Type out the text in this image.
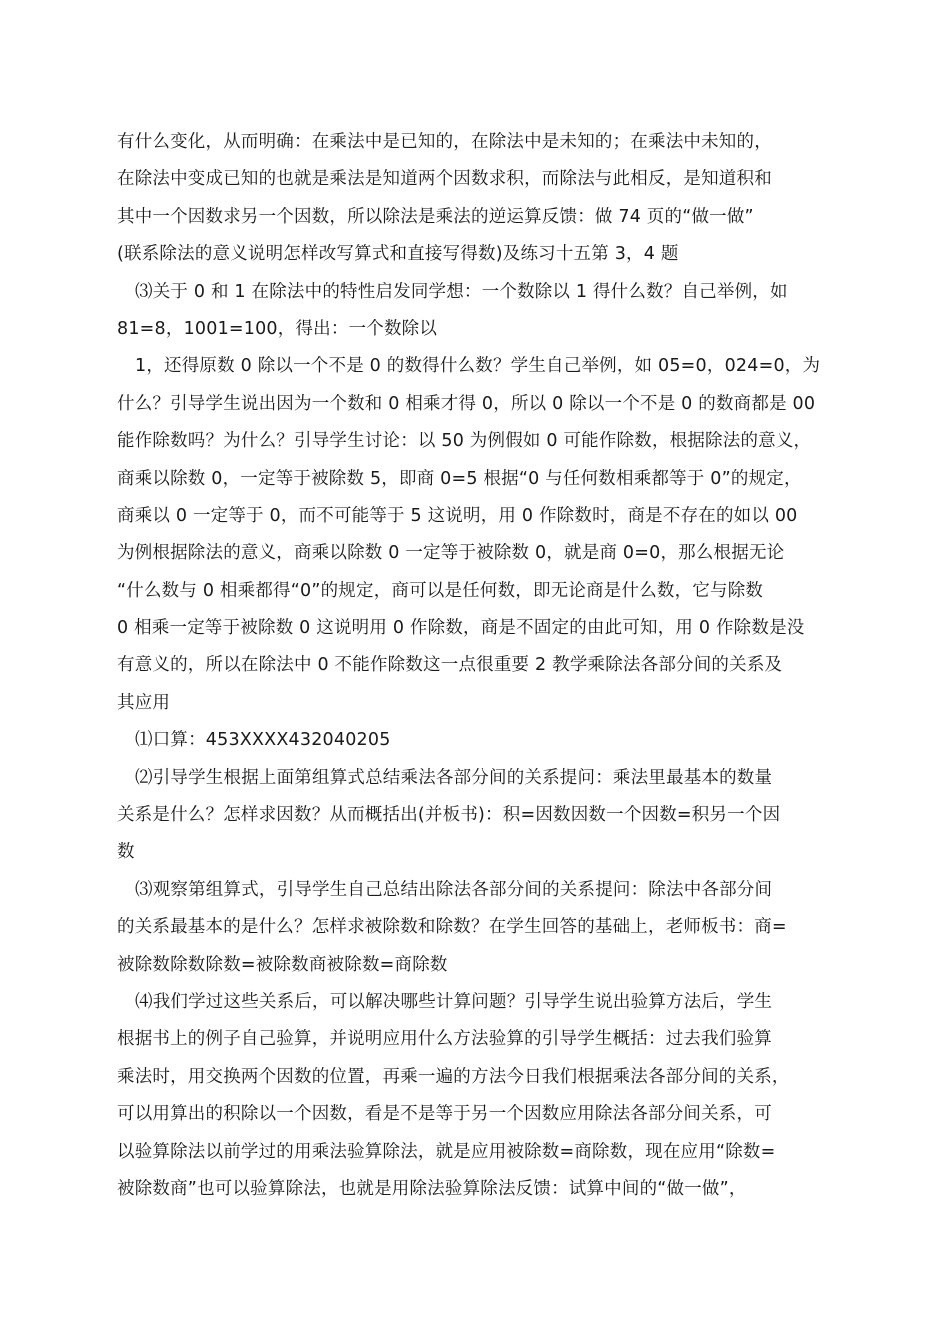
有什么变化，从而明确：在乘法中是已知的，在除法中是未知的；在乘法中未知的，
在除法中变成已知的也就是乘法是知道两个因数求积，而除法与此相反，是知道积和
其中一个因数求另一个因数，所以除法是乘法的逆运算反馈：做 74 页的“做一做”
(联系除法的意义说明怎样改写算式和直接写得数)及练习十五第 3，4 题
⑶关于 0 和 1 在除法中的特性启发同学想：一个数除以 1 得什么数？自己举例，如
81=8，1001=100，得出：一个数除以
1，还得原数 0 除以一个不是 0 的数得什么数？学生自己举例，如 05=0，024=0，为
什么？引导学生说出因为一个数和 0 相乘才得 0，所以 0 除以一个不是 0 的数商都是 00
能作除数吗？为什么？引导学生讨论：以 50 为例假如 0 可能作除数，根据除法的意义，
商乘以除数 0，一定等于被除数 5，即商 0=5 根据“0 与任何数相乘都等于 0”的规定，
商乘以 0 一定等于 0，而不可能等于 5 这说明，用 0 作除数时，商是不存在的如以 00
为例根据除法的意义，商乘以除数 0 一定等于被除数 0，就是商 0=0，那么根据无论
“什么数与 0 相乘都得“0”的规定，商可以是任何数，即无论商是什么数，它与除数
0 相乘一定等于被除数 0 这说明用 0 作除数，商是不固定的由此可知，用 0 作除数是没
有意义的，所以在除法中 0 不能作除数这一点很重要 2 教学乘除法各部分间的关系及
其应用
⑴口算：453XXXX432040205
⑵引导学生根据上面第组算式总结乘法各部分间的关系提问：乘法里最基本的数量
关系是什么？怎样求因数？从而概括出(并板书)：积=因数因数一个因数=积另一个因
数
⑶观察第组算式，引导学生自己总结出除法各部分间的关系提问：除法中各部分间
的关系最基本的是什么？怎样求被除数和除数？在学生回答的基础上，老师板书：商=
被除数除数除数=被除数商被除数=商除数
⑷我们学过这些关系后，可以解决哪些计算问题？引导学生说出验算方法后，学生
根据书上的例子自己验算，并说明应用什么方法验算的引导学生概括：过去我们验算
乘法时，用交换两个因数的位置，再乘一遍的方法今日我们根据乘法各部分间的关系，
可以用算出的积除以一个因数，看是不是等于另一个因数应用除法各部分间关系，可
以验算除法以前学过的用乘法验算除法，就是应用被除数=商除数，现在应用“除数=
被除数商”也可以验算除法，也就是用除法验算除法反馈：试算中间的“做一做”，
